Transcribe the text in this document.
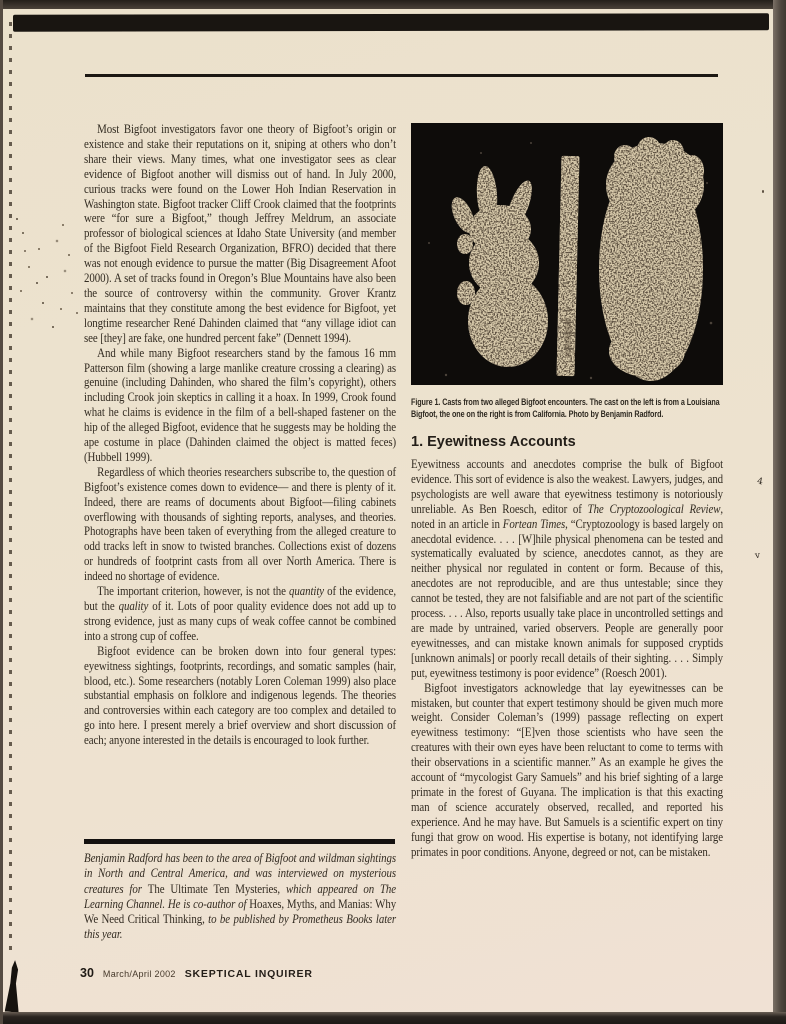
4
v

Most Bigfoot investigators favor one theory of Bigfoot’s origin or existence and stake their reputations on it, sniping at others who don’t share their views. Many times, what one investigator sees as clear evidence of Bigfoot another will dismiss out of hand. In July 2000, curious tracks were found on the Lower Hoh Indian Reservation in Washington state. Bigfoot tracker Cliff Crook claimed that the footprints were “for sure a Bigfoot,” though Jeffrey Meldrum, an associate professor of biological sciences at Idaho State University (and member of the Bigfoot Field Research Organization, BFRO) decided that there was not enough evidence to pursue the matter (Big Disagreement Afoot 2000). A set of tracks found in Oregon’s Blue Mountains have also been the source of controversy within the community. Grover Krantz maintains that they constitute among the best evidence for Bigfoot, yet longtime researcher René Dahinden claimed that “any village idiot can see [they] are fake, one hundred percent fake” (Dennett 1994).

And while many Bigfoot researchers stand by the famous 16 mm Patterson film (showing a large manlike creature crossing a clearing) as genuine (including Dahinden, who shared the film’s copyright), others including Crook join skeptics in calling it a hoax. In 1999, Crook found what he claims is evidence in the film of a bell-shaped fastener on the hip of the alleged Bigfoot, evidence that he suggests may be holding the ape costume in place (Dahinden claimed the object is matted feces) (Hubbell 1999).

Regardless of which theories researchers subscribe to, the question of Bigfoot’s existence comes down to evidence— and there is plenty of it. Indeed, there are reams of documents about Bigfoot—filing cabinets overflowing with thousands of sighting reports, analyses, and theories. Photographs have been taken of everything from the alleged creature to odd tracks left in snow to twisted branches. Collections exist of dozens or hundreds of footprint casts from all over North America. There is indeed no shortage of evidence.

The important criterion, however, is not the quantity of the evidence, but the quality of it. Lots of poor quality evidence does not add up to strong evidence, just as many cups of weak coffee cannot be combined into a strong cup of coffee.

Bigfoot evidence can be broken down into four general types: eyewitness sightings, footprints, recordings, and somatic samples (hair, blood, etc.). Some researchers (notably Loren Coleman 1999) also place substantial emphasis on folklore and indigenous legends. The theories and controversies within each category are too complex and detailed to go into here. I present merely a brief overview and short discussion of each; anyone interested in the details is encouraged to look further.

Benjamin Radford has been to the area of Bigfoot and wildman sightings in North and Central America, and was interviewed on mysterious creatures for The Ultimate Ten Mysteries, which appeared on The Learning Channel. He is co-author of Hoaxes, Myths, and Manias: Why We Need Critical Thinking, to be published by Prometheus Books later this year.

Figure 1. Casts from two alleged Bigfoot encounters. The cast on the left is from a Louisiana Bigfoot, the one on the right is from California. Photo by Benjamin Radford.
1. Eyewitness Accounts

Eyewitness accounts and anecdotes comprise the bulk of Bigfoot evidence. This sort of evidence is also the weakest. Lawyers, judges, and psychologists are well aware that eyewitness testimony is notoriously unreliable. As Ben Roesch, editor of The Cryptozoological Review, noted in an article in Fortean Times, “Cryptozoology is based largely on anecdotal evidence. . . . [W]hile physical phenomena can be tested and systematically evaluated by science, anecdotes cannot, as they are neither physical nor regulated in content or form. Because of this, anecdotes are not reproducible, and are thus untestable; since they cannot be tested, they are not falsifiable and are not part of the scientific process. . . . Also, reports usually take place in uncontrolled settings and are made by untrained, varied observers. People are generally poor eyewitnesses, and can mistake known animals for supposed cryptids [unknown animals] or poorly recall details of their sighting. . . . Simply put, eyewitness testimony is poor evidence” (Roesch 2001).

Bigfoot investigators acknowledge that lay eyewitnesses can be mistaken, but counter that expert testimony should be given much more weight. Consider Coleman’s (1999) passage reflecting on expert eyewitness testimony: “[E]ven those scientists who have seen the creatures with their own eyes have been reluctant to come to terms with their observations in a scientific manner.” As an example he gives the account of “mycologist Gary Samuels” and his brief sighting of a large primate in the forest of Guyana. The implication is that this exacting man of science accurately observed, recalled, and reported his experience. And he may have. But Samuels is a scientific expert on tiny fungi that grow on wood. His expertise is botany, not identifying large primates in poor conditions. Anyone, degreed or not, can be mistaken.

30 March/April 2002 SKEPTICAL INQUIRER
